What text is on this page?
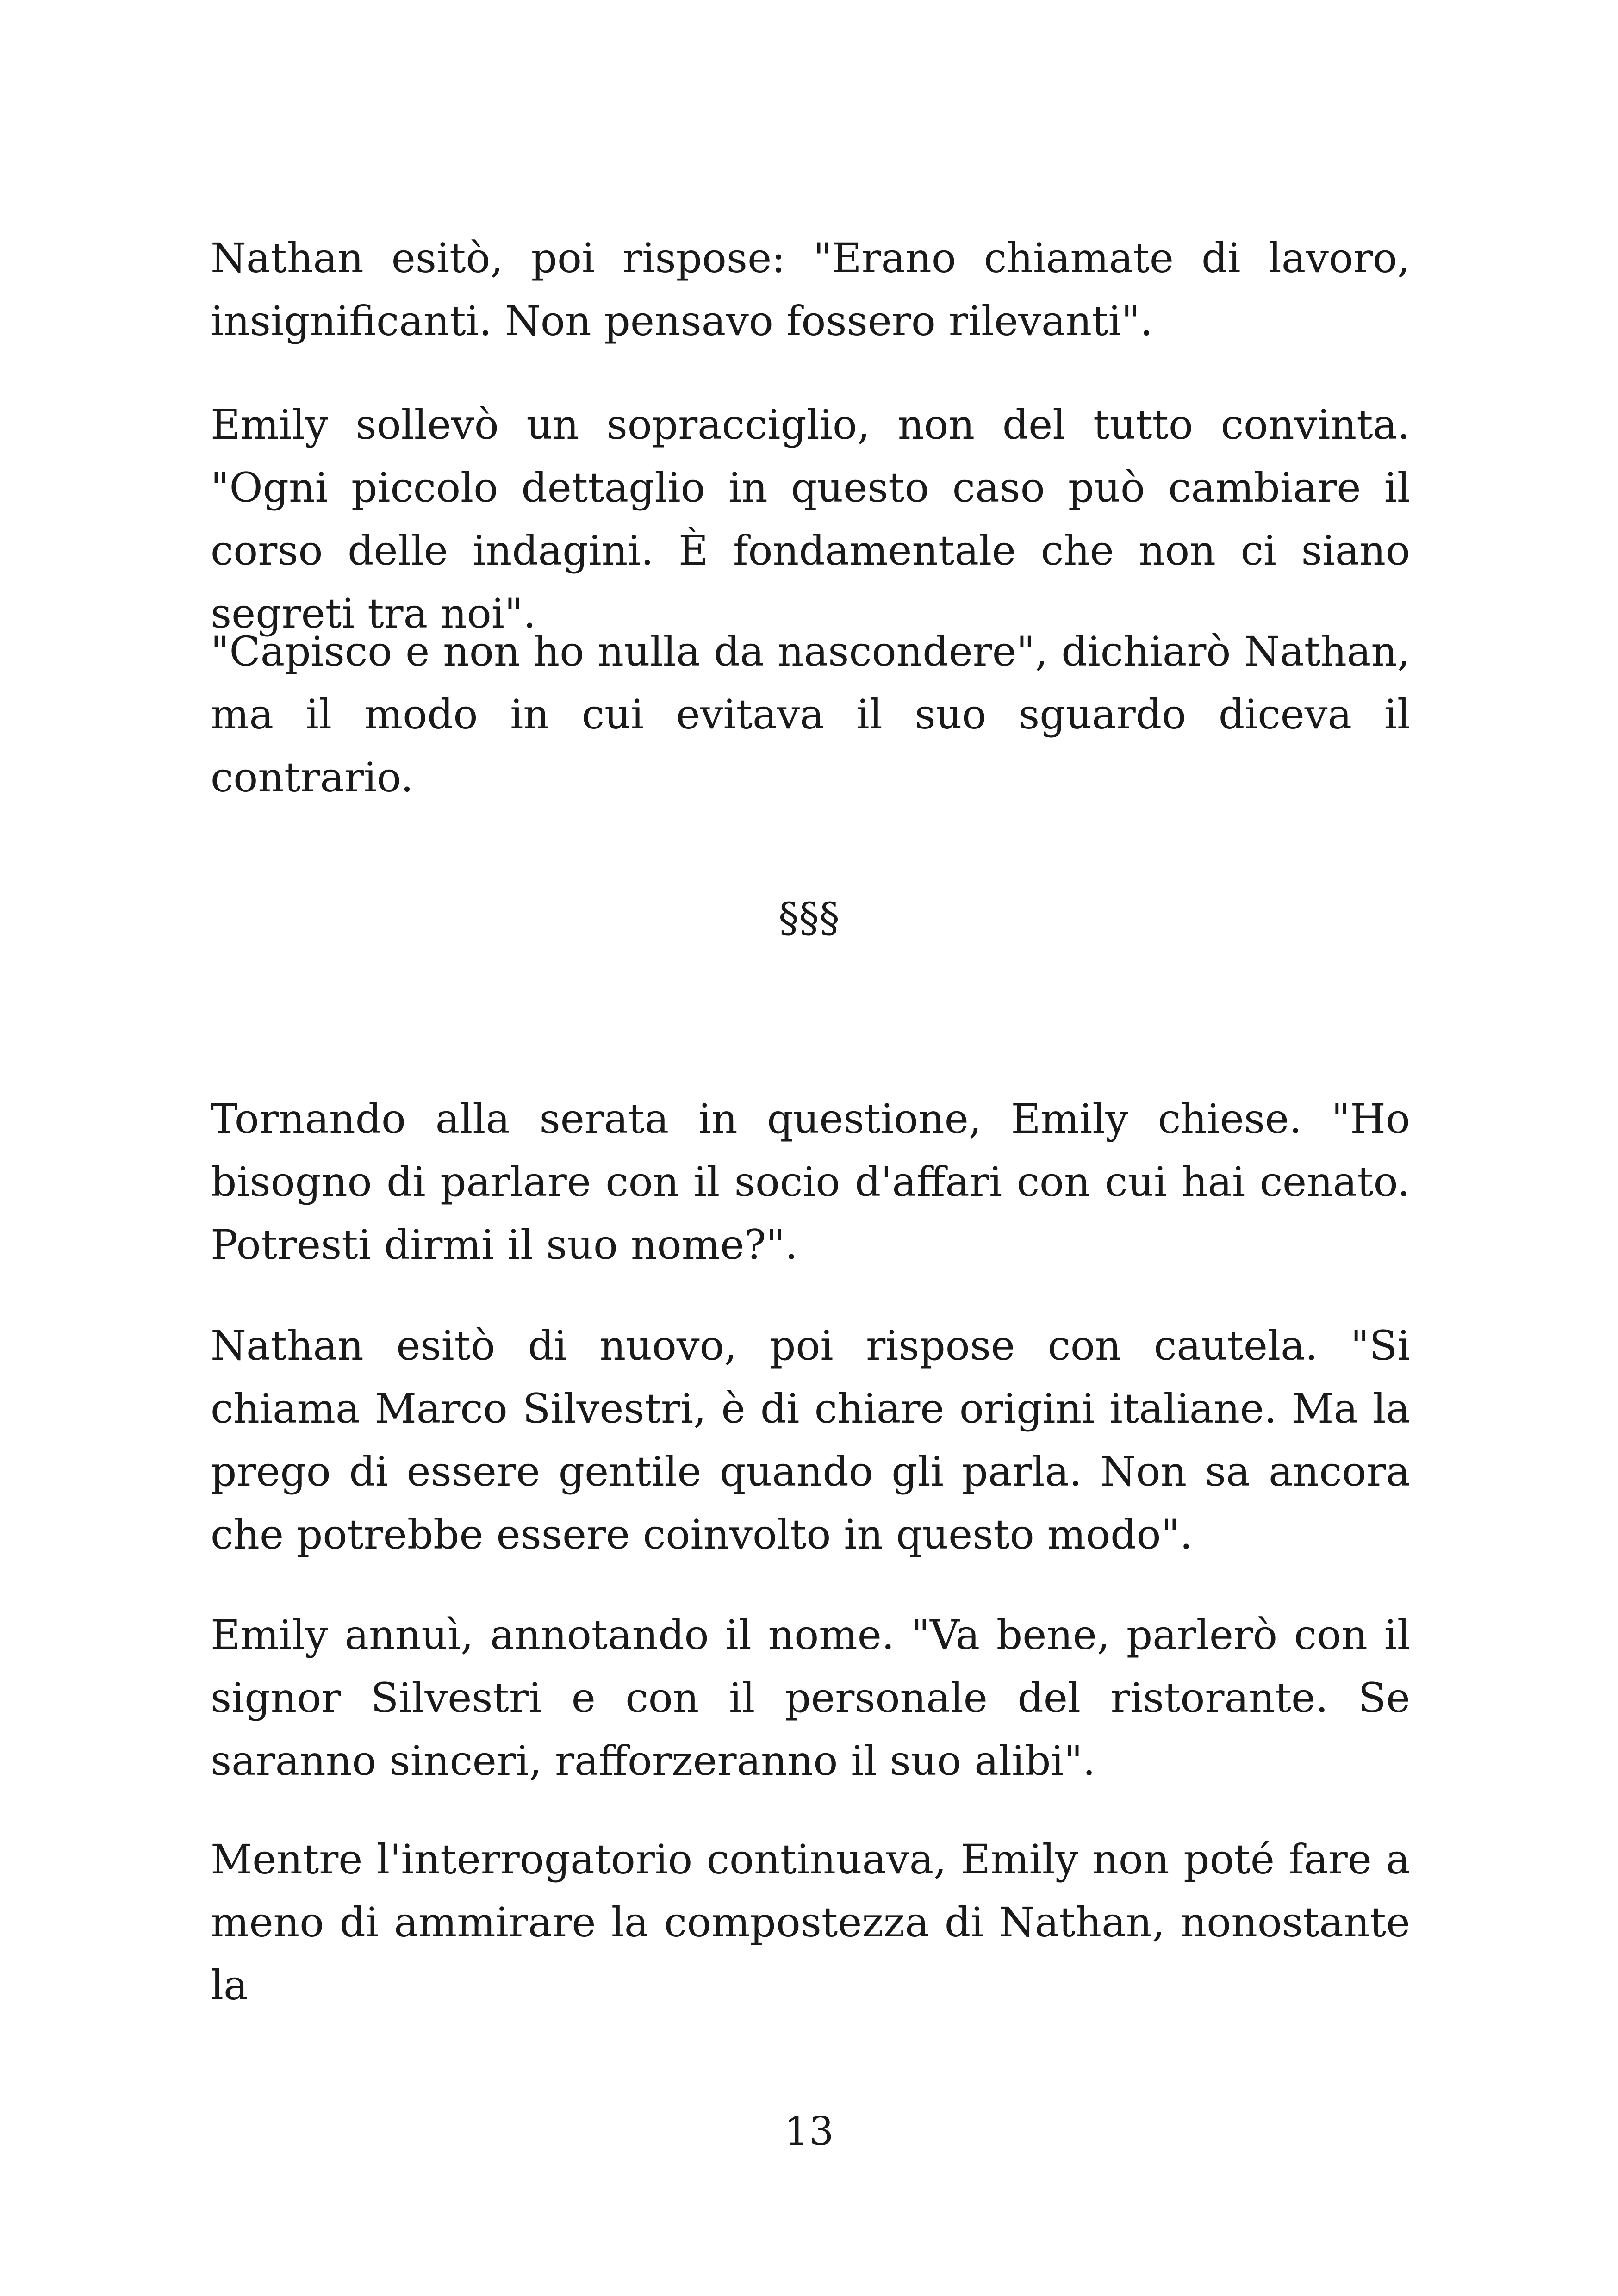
Nathan esitò, poi rispose: "Erano chiamate di lavoro, insignificanti. Non pensavo fossero rilevanti".

Emily sollevò un sopracciglio, non del tutto convinta. "Ogni piccolo dettaglio in questo caso può cambiare il corso delle indagini. È fondamentale che non ci siano segreti tra noi".

"Capisco e non ho nulla da nascondere", dichiarò Nathan, ma il modo in cui evitava il suo sguardo diceva il contrario.

§§§

Tornando alla serata in questione, Emily chiese. "Ho bisogno di parlare con il socio d'affari con cui hai cenato. Potresti dirmi il suo nome?".

Nathan esitò di nuovo, poi rispose con cautela. "Si chiama Marco Silvestri, è di chiare origini italiane. Ma la prego di essere gentile quando gli parla. Non sa ancora che potrebbe essere coinvolto in questo modo".

Emily annuì, annotando il nome. "Va bene, parlerò con il signor Silvestri e con il personale del ristorante. Se saranno sinceri, rafforzeranno il suo alibi".

Mentre l'interrogatorio continuava, Emily non poté fare a meno di ammirare la compostezza di Nathan, nonostante la

13
